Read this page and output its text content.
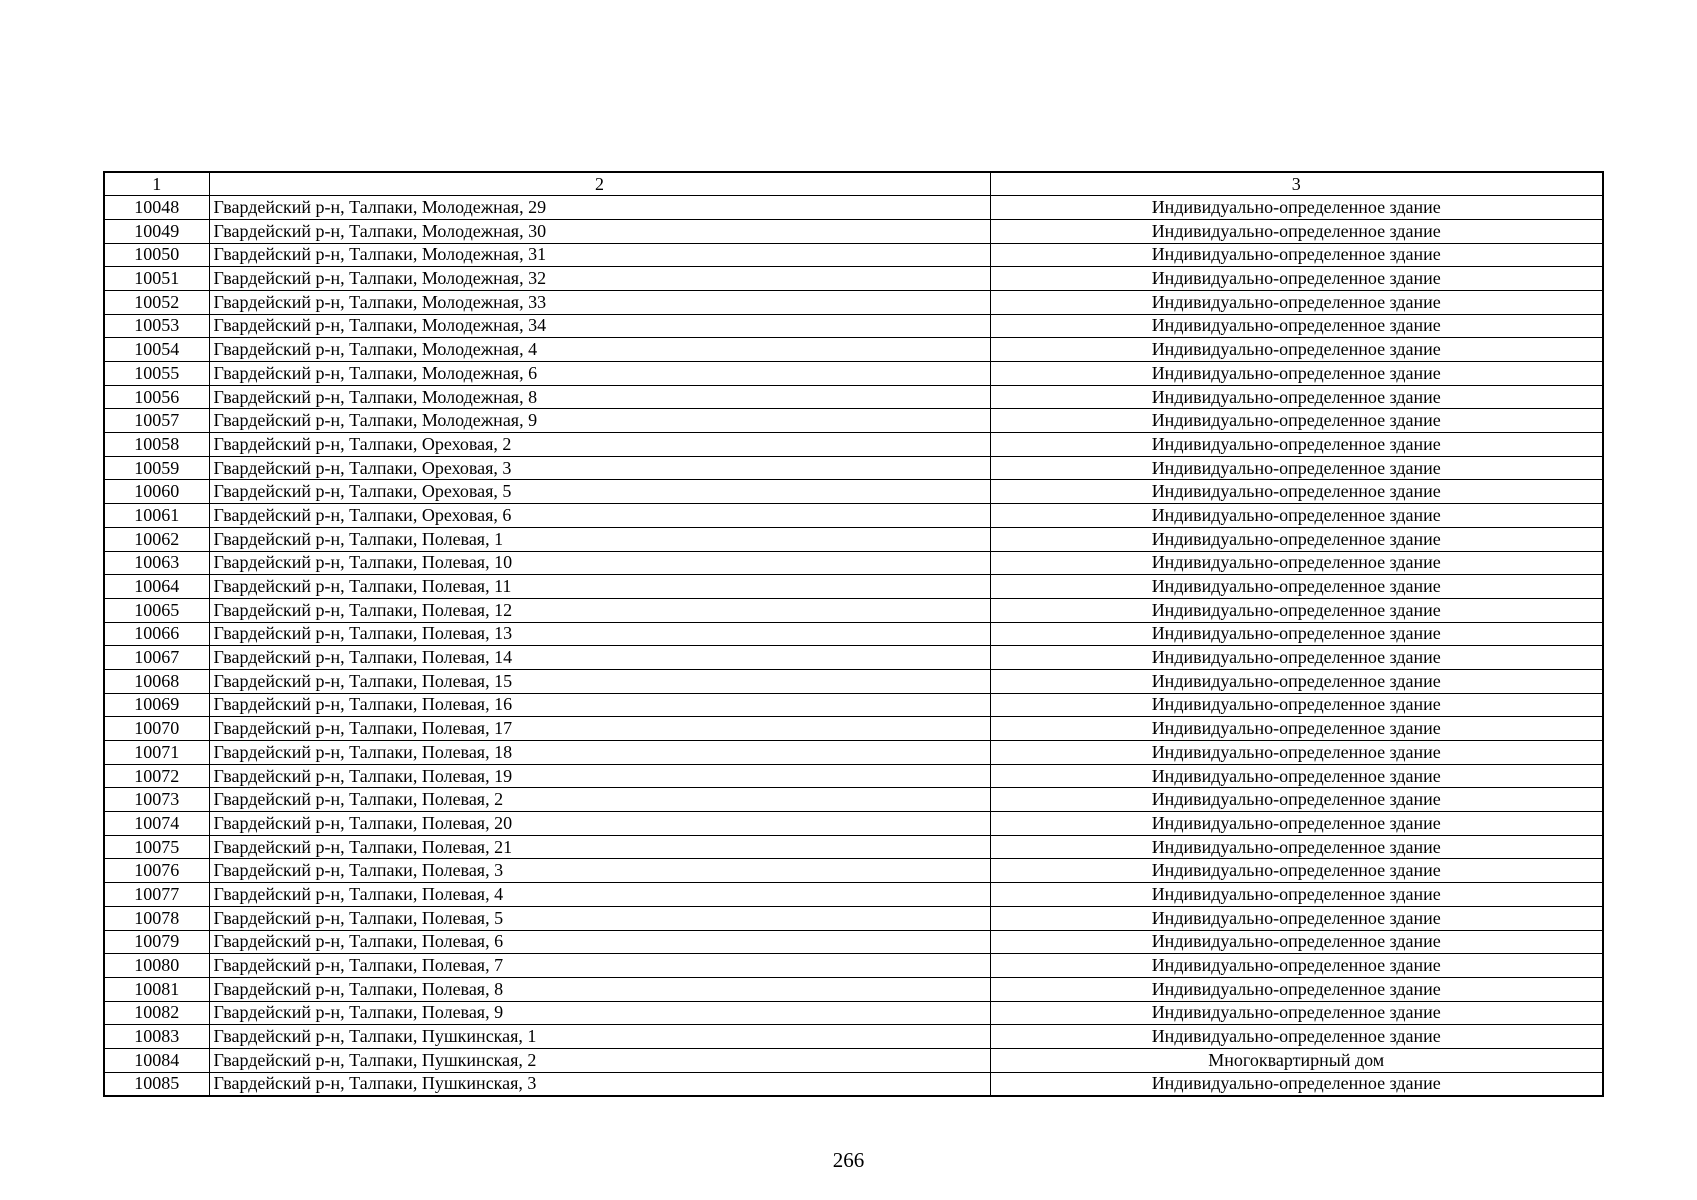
1	2	3
10048	Гвардейский р-н, Талпаки, Молодежная, 29	Индивидуально-определенное здание
10049	Гвардейский р-н, Талпаки, Молодежная, 30	Индивидуально-определенное здание
10050	Гвардейский р-н, Талпаки, Молодежная, 31	Индивидуально-определенное здание
10051	Гвардейский р-н, Талпаки, Молодежная, 32	Индивидуально-определенное здание
10052	Гвардейский р-н, Талпаки, Молодежная, 33	Индивидуально-определенное здание
10053	Гвардейский р-н, Талпаки, Молодежная, 34	Индивидуально-определенное здание
10054	Гвардейский р-н, Талпаки, Молодежная, 4	Индивидуально-определенное здание
10055	Гвардейский р-н, Талпаки, Молодежная, 6	Индивидуально-определенное здание
10056	Гвардейский р-н, Талпаки, Молодежная, 8	Индивидуально-определенное здание
10057	Гвардейский р-н, Талпаки, Молодежная, 9	Индивидуально-определенное здание
10058	Гвардейский р-н, Талпаки, Ореховая, 2	Индивидуально-определенное здание
10059	Гвардейский р-н, Талпаки, Ореховая, 3	Индивидуально-определенное здание
10060	Гвардейский р-н, Талпаки, Ореховая, 5	Индивидуально-определенное здание
10061	Гвардейский р-н, Талпаки, Ореховая, 6	Индивидуально-определенное здание
10062	Гвардейский р-н, Талпаки, Полевая, 1	Индивидуально-определенное здание
10063	Гвардейский р-н, Талпаки, Полевая, 10	Индивидуально-определенное здание
10064	Гвардейский р-н, Талпаки, Полевая, 11	Индивидуально-определенное здание
10065	Гвардейский р-н, Талпаки, Полевая, 12	Индивидуально-определенное здание
10066	Гвардейский р-н, Талпаки, Полевая, 13	Индивидуально-определенное здание
10067	Гвардейский р-н, Талпаки, Полевая, 14	Индивидуально-определенное здание
10068	Гвардейский р-н, Талпаки, Полевая, 15	Индивидуально-определенное здание
10069	Гвардейский р-н, Талпаки, Полевая, 16	Индивидуально-определенное здание
10070	Гвардейский р-н, Талпаки, Полевая, 17	Индивидуально-определенное здание
10071	Гвардейский р-н, Талпаки, Полевая, 18	Индивидуально-определенное здание
10072	Гвардейский р-н, Талпаки, Полевая, 19	Индивидуально-определенное здание
10073	Гвардейский р-н, Талпаки, Полевая, 2	Индивидуально-определенное здание
10074	Гвардейский р-н, Талпаки, Полевая, 20	Индивидуально-определенное здание
10075	Гвардейский р-н, Талпаки, Полевая, 21	Индивидуально-определенное здание
10076	Гвардейский р-н, Талпаки, Полевая, 3	Индивидуально-определенное здание
10077	Гвардейский р-н, Талпаки, Полевая, 4	Индивидуально-определенное здание
10078	Гвардейский р-н, Талпаки, Полевая, 5	Индивидуально-определенное здание
10079	Гвардейский р-н, Талпаки, Полевая, 6	Индивидуально-определенное здание
10080	Гвардейский р-н, Талпаки, Полевая, 7	Индивидуально-определенное здание
10081	Гвардейский р-н, Талпаки, Полевая, 8	Индивидуально-определенное здание
10082	Гвардейский р-н, Талпаки, Полевая, 9	Индивидуально-определенное здание
10083	Гвардейский р-н, Талпаки, Пушкинская, 1	Индивидуально-определенное здание
10084	Гвардейский р-н, Талпаки, Пушкинская, 2	Многоквартирный дом
10085	Гвардейский р-н, Талпаки, Пушкинская, 3	Индивидуально-определенное здание
266
